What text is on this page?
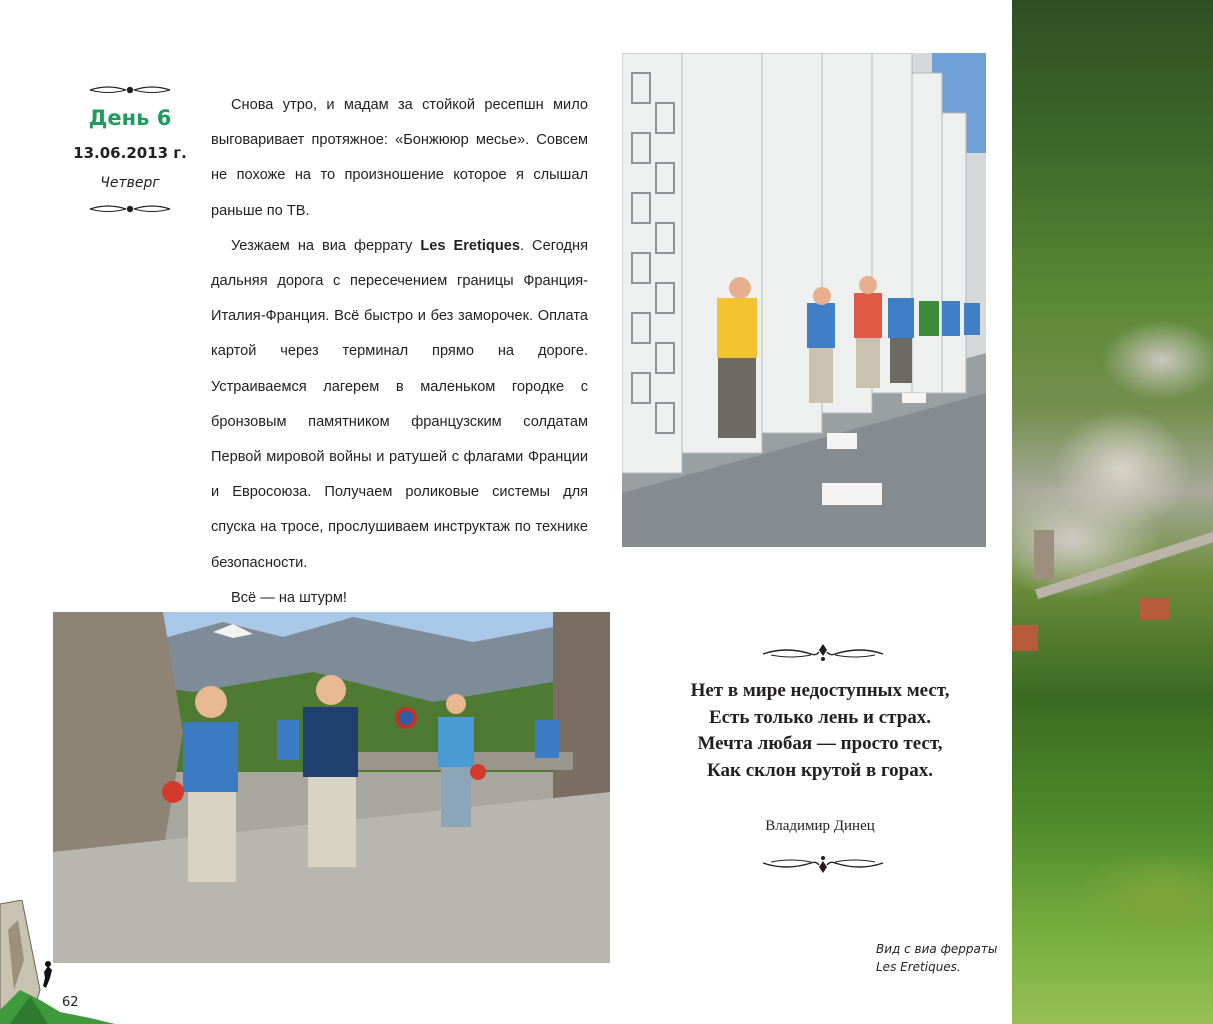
День 6
13.06.2013 г.
Четверг

Снова утро, и мадам за стойкой ресепшн мило выговаривает протяжное: «Бонжююр месье». Совсем не похоже на то произношение которое я слышал раньше по ТВ.

Уезжаем на виа феррату Les Eretiques. Сегодня дальняя дорога с пересечением границы Франция-Италия-Франция. Всё быстро и без заморочек. Оплата картой через терминал прямо на дороге. Устраиваемся лагерем в маленьком городке с бронзовым памятником французским солдатам Первой мировой войны и ратушей с флагами Франции и Евросоюза. Получаем роликовые системы для спуска на тросе, прослушиваем инструктаж по технике безопасности.

Всё — на штурм!

Нет в мире недоступных мест,
Есть только лень и страх.
Мечта любая — просто тест,
Как склон крутой в горах.
Владимир Динец
Вид с виа ферраты
Les Eretiques.
62
